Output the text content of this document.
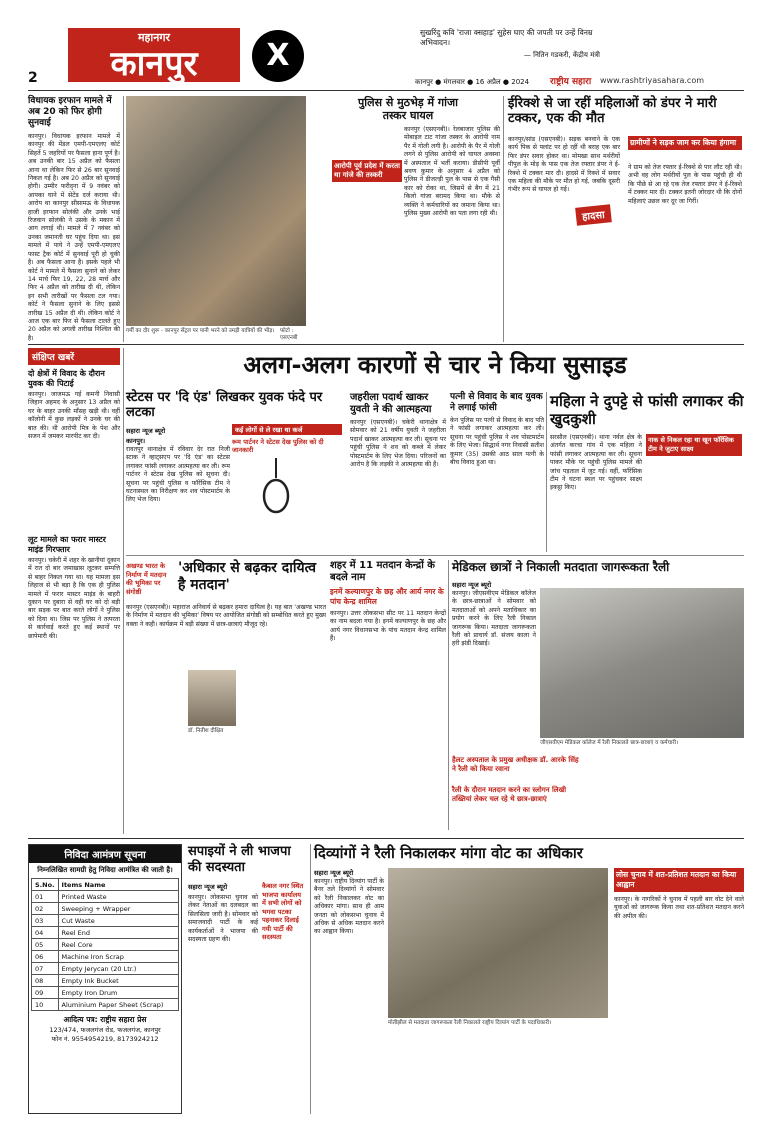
महानगर
कानपुर	X
2
सुखरिंदु कवि 'राजा क्सहाड़' सुहेस घाए की जपती पर उन्हें विनम्र अभिवादन।
— नितिन गडकरी, केंद्रीय मंत्री
कानपुर ● मंगलवार ● 16 अप्रैल ● 2024 राष्ट्रीय सहारा www.rashtriyasahara.com
विधायक इरफान मामले में अब 20 को फिर होगी सुनवाई
कानपुर। विधायक इरफान मामले में कानपुर की मेंडल एमपी-एमएलए कोर्ट सिहर्ते 5 जहरियों पर फैसला हाना पूर्ण है। अब उनकी बार 15 अप्रैल को फैसला आना था लेकिन फिर से 26 बार सुनवाई निकल गई है। अब 20 अप्रैल को सुनवाई होगी। उम्मीर फरीद्ना में 9 नवंबर को आपका घाने में सेटेंड दर्ज कराया थी। आरोप था कानपुर सीसामऊ के विधायक हाजी इरफान सोलंकी और उनके भाई रिजवान सोलंकी ने उसके के मकान में आग लगाई थी। मामले में 7 नवंबर को उनका जमानती घर पहुंच दिया था। इस मामले में पाये ने उन्हें एमपी-एमएलए फास्ट ट्रैक कोर्ट में सुनवाई पूरी हो चुकी है। अब फैसला आना है। इसके पहले भी कोर्ट ने मामले में फैसला सुनाने को लेकर 14 मार्च फिर 19, 22, 28 मार्च और फिर 4 अप्रैल को तारीख दी थी, लेकिन इन सभी तारीखों पर फैसला टल गया। कोर्ट ने फैसला सुनाने के लिए इससे तारीख 15 अप्रैल दी थी। लेकिन कोर्ट ने आज एक बार फिर से फैसला टालते हुए 20 अप्रैल को अगली तारीख निश्चित की है।
गर्मी का दौर शुरू - कानपुर सेंट्रल पर पानी भरने को उमड़ी यात्रियों की भीड़। फोटो : एसएनबी
पुलिस से मुठभेड़ में गांजा तस्कर घायल
आरोपी पूर्व प्रदेश में करता था गांजे की तस्करी
कानपुर (एसएनबी)। रेलबाजार पुलिस की मोबाइल टाट गांजा तस्कर के आरोपी नाम पैर में गोली लगी है। आरोपी के पैर में गोली लगने से पुलिस आरोपी को घायल अवस्था में अस्पताल में भर्ती कराया। डीसीपी पूर्वी श्रवण कुमार के अनुसार 4 अप्रैल को पुलिस ने डीजल्ड़ी पुल के पास से एक गैसी कार को रोका था, जिसमें से बैग में 21 किलो गांजा बरामद किया था। मौके से व्यक्ति ने कर्मचारियों का जमाना किया था। पुलिस मुख्य आरोपी का पता लगा रही थी।
ईरिक्शे से जा रहीं महिलाओं को डंपर ने मारी टक्कर, एक की मौत
कानपुर/सांड (एसएनबी)। सड़क बनवाने के एक कार्य पिक से फ्लांट पर हो रहीं थी बराह एक बार फिर डंपर सवार होकर था। मोमखा साथ मर्थरीयों पीपुल के मोड़ के पास एक तेज रफ्तार डंपर ने ई-रिक्शे में टक्कर मार दी। हादसे में रिक्शे में सवार एक महिला की मौके पर मौत हो गई, जबकि दूसरी गंभीर रूप से घायल हो गई।
हादसा
ग्रामीणों ने सड़क जाम कर किया हंगामा
ने ग्राम को तेज रफ्तार ई-रिक्शे से पार लौट रही थी। अभी वह लोग मर्थरीयों पुल के पास पहुंची ही थी कि पीछे से आ रहे एक तेज रफ्तार डंपर ने ई-रिक्शे में टक्कर मार दी। टक्कर इतनी जोरदार थी कि दोनों महिलाएं उछल कर दूर जा गिरीं।
संक्षिप्त खबरें
दो क्षेत्रों में विवाद के दौरान युवक की पिटाई
कानपुर। जाजमऊ गई कमनी निवासी जिहान अहमद के अनुसार 13 अप्रैल को घर के बाहर उनकी माँसह खड़ी थी। वहीं कॉलोनी में कुछ लड़कों ने उनके घर की बात की। थी आरोपी मित्र के पेश और सजन में जमकर मारपीट कर दी।
लूट मामले का फरार मास्टर माइंड गिरफ्तार
कानपुर। चकेरी में शहर के खानीयां दूकान में रात दो बार जमाखास लूटकर सम्पत्ति से बाहर निकल गया था। यह मामला इस लिहाज से भी बड़ा है कि एक ही पुलिस मामले में फरार मास्टर माइंड के बाहरी दुकान पर दुबारा से वही घर को दो बड़ी बार सड़क पर बात करते लोगों ने पुलिस को दिया था। जिस पर पुलिस ने तत्परता से कार्रवाई करते हुए कई स्थानों पर छापेमारी की।
अलग-अलग कारणों से चार ने किया सुसाइड
स्टेटस पर 'दि एंड' लिखकर युवक फंदे पर लटका
कई लोगों से ले रखा था कर्ज
सहारा न्यूज ब्यूरो
कानपुर।	रूम पार्टनर ने स्टेटस देख पुलिस को दी जानकारी
रावतपुर थानाक्षेत्र में रविवार देर रात निजी स्टाक ने व्हाट्सएप पर 'दि एंड' का स्टेटस लगाकर फांसी लगाकर आत्महत्या कर ली। रूम पार्टनर ने स्टेटस देख पुलिस को सूचना दी। सूचना पर पहुंची पुलिस व फॉरेंसिक टीम ने घटनास्थल का निरीक्षण कर शव पोस्टमार्टम के लिए भेज दिया।
जहरीला पदार्थ खाकर युवती ने की आत्महत्या
कानपुर (एसएनबी)। चकेरी थानाक्षेत्र में सोमवार को 21 वर्षीय युवती ने जहरीला पदार्थ खाकर आत्महत्या कर ली। सूचना पर पहुंची पुलिस ने शव को कब्जे में लेकर पोस्टमार्टम के लिए भेज दिया। परिजनों का आरोप है कि लड़की ने आत्महत्या की है।
पत्नी से विवाद के बाद युवक ने लगाई फांसी
केन पुलिस पर पत्नी से विवाद के बाद पति ने फांसी लगाकर आत्महत्या कर ली। सूचना पर पहुंची पुलिस ने शव पोस्टमार्टम के लिए भेजा। सिद्धार्थ नगर निवासी सतीश कुमार (35) उसकी आठ साल पत्नी के बीच विवाद हुआ था।
महिला ने दुपट्टे से फांसी लगाकर की खुदकुशी
नाक से निकल रहा था खून फॉरेंसिक टीम ने जुटाए साक्ष्य
सरसौल (एसएनबी)। थाना नर्वल क्षेत्र के अंतर्गत करचा गांव में एक महिला ने फांसी लगाकर आत्महत्या कर ली। सूचना पाकर मौके पर पहुंची पुलिस मामले की जांच पड़ताल में जुट गई। वहीं, फॉरेंसिक टीम ने घटना स्थल पर पहुंचकर साक्ष्य इकट्ठा किए।
'अधिकार से बढ़कर दायित्व है मतदान'
अखण्ड भारत के निर्माण में मतदान की भूमिका पर संगोष्ठी
कानपुर (एसएनबी)। महाराज अनिवार्य से बढ़कर हमारा दायित्व है। यह बात 'अखण्ड भारत के निर्माण में मतदान की भूमिका' विषय पर आयोजित संगोष्ठी को सम्बोधित करते हुए मुख्य वक्ता ने कही। कार्यक्रम में बड़ी संख्या में छात्र-छात्राएं मौजूद रहे।
डॉ. नितीश दीक्षित
शहर में 11 मतदान केन्द्रों के बदले नाम
इनमें कल्याणपुर के छह और आर्य नगर के पांच केन्द्र शामिल
कानपुर। उत्तर लोकसभा सीट पर 11 मतदान केन्द्रों का नाम बदला गया है। इनमें कल्याणपुर के छह और आर्य नगर विधानसभा के पांच मतदान केन्द्र शामिल हैं।
मेडिकल छात्रों ने निकाली मतदाता जागरूकता रैली
सहारा न्यूज ब्यूरो
कानपुर। जीएसवीएम मेडिकल कॉलेज के छात्र-छात्राओं ने सोमवार को मतदाताओं को अपने मताधिकार का प्रयोग करने के लिए रैली निकाल जागरूक किया। मतदाता जागरूकता रैली को प्राचार्य डॉ. संजय काला ने हरी झंडी दिखाई।
जीएसवीएम मेडिकल कॉलेज में रैली निकालते छात्र-छात्राएं व कर्मचारी।
हैलट अस्पताल के प्रमुख अधीक्षक डॉ. आरके सिंह ने रैली को किया रवाना
रैली के दौरान मतदान करने का स्लोगन लिखी तख्तियां लेकर चल रहे थे छात्र-छात्राएं
निविदा आमंत्रण सूचना
निम्नलिखित सामग्री हेतु निविदा आमंत्रित की जाती है।
S.No.	Items Name
01	Printed Waste
02	Sweeping + Wrapper
03	Cut Waste
04	Reel End
05	Reel Core
06	Machine Iron Scrap
07	Empty Jerycan (20 Ltr.)
08	Empty Ink Bucket
09	Empty Iron Drum
10	Aluminium Paper Sheet (Scrap)
आदित्य पत्र: राष्ट्रीय सहारा प्रेस
123/474, फजलगंज रोड, फजलगंज, कानपुर
फोन नं. 9554954219, 8173924212
सपाइयों ने ली भाजपा की सदस्यता
सहारा न्यूज ब्यूरो
कानपुर। लोकसभा चुनाव को लेकर नेताओं का दलबदल का सिलसिला जारी है। सोमवार को समाजवादी पार्टी के कई कार्यकर्ताओं ने भाजपा की सदस्यता ग्रहण की।
कैबाल नगर स्थित भाजपा कार्यालय में सभी लोगों को भगवा पटका पहनाकर दिलाई गयी पार्टी की सदस्यता
दिव्यांगों ने रैली निकालकर मांगा वोट का अधिकार
सहारा न्यूज ब्यूरो
कानपुर। राष्ट्रीय दिव्यांग पार्टी के बैनर तले दिव्यांगों ने सोमवार को रैली निकालकर वोट का अधिकार मांगा। साथ ही आम जनता को लोकसभा चुनाव में अधिक से अधिक मतदान करने का आह्वान किया।
मोतीझील से मतदाता जागरूकता रैली निकालते राष्ट्रीय दिव्यांग पार्टी के पदाधिकारी।
लोस चुनाव में शत-प्रतिशत मतदान का किया आह्वान
कानपुर। के नागरिकों ने चुनाव में पहली बार वोट देने वाले युवाओं को जागरूक किया तथा शत-प्रतिशत मतदान करने की अपील की।
